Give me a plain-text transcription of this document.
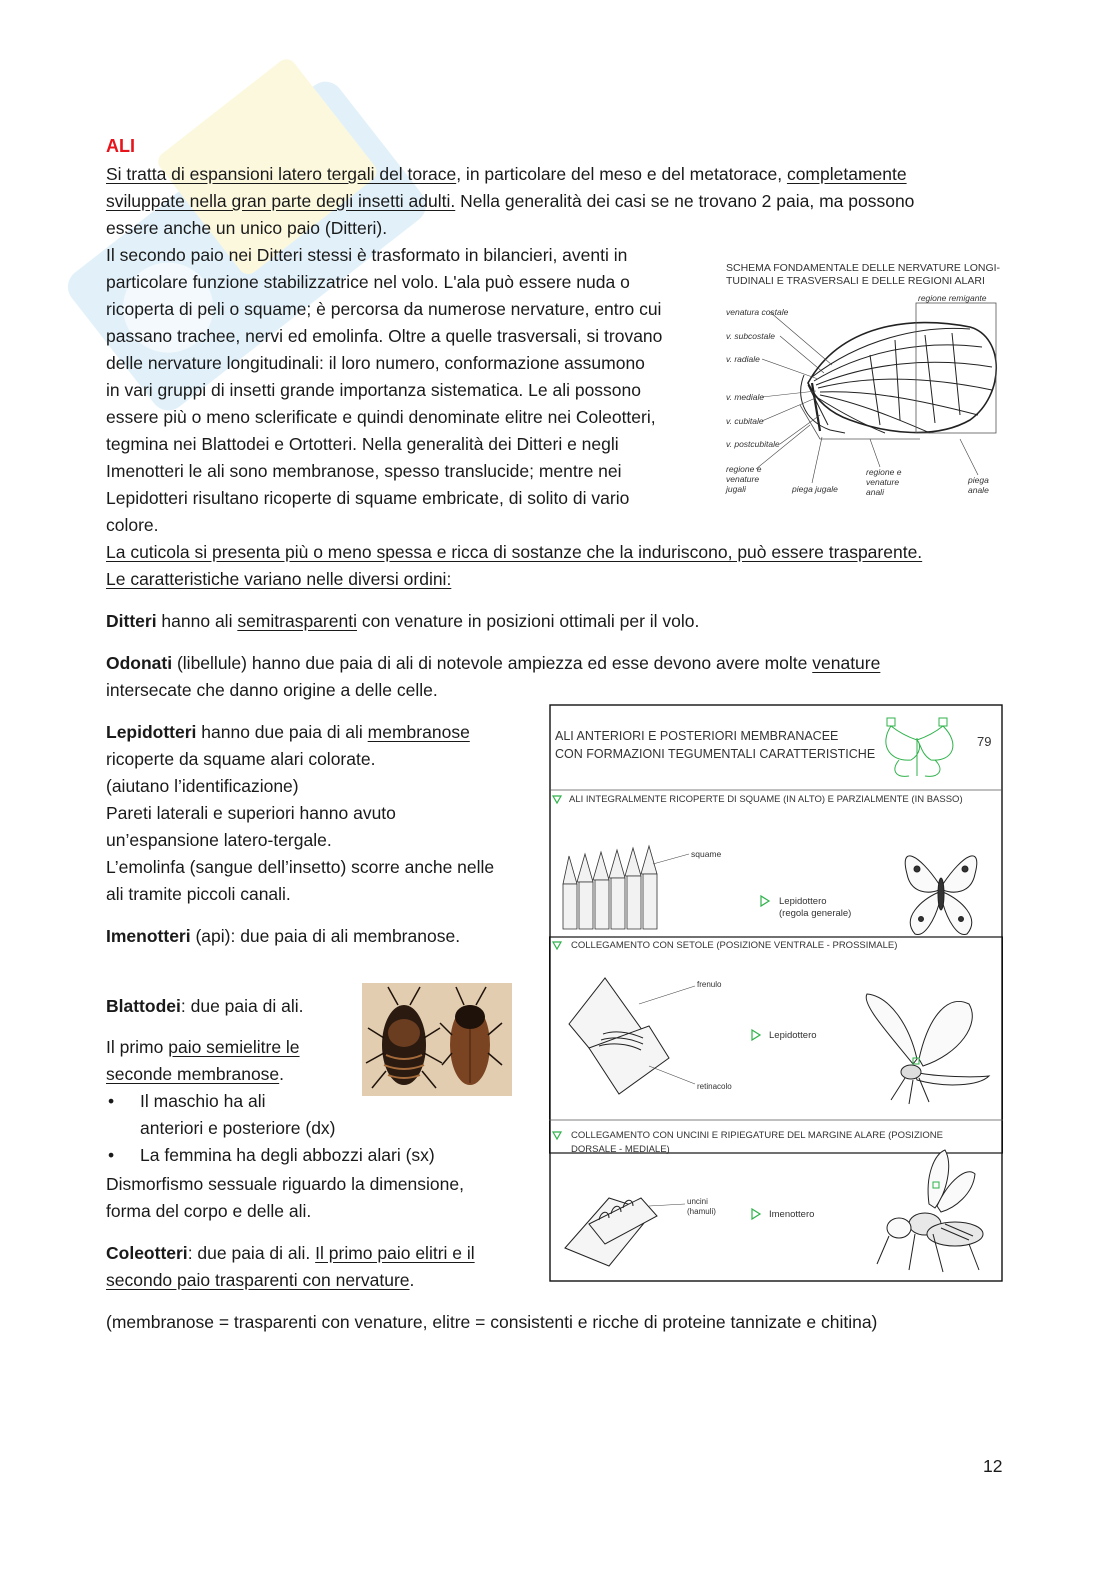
ALI
Si tratta di espansioni latero tergali del torace, in particolare del meso e del metatorace, completamente
sviluppate nella gran parte degli insetti adulti. Nella generalità dei casi se ne trovano 2 paia, ma possono
essere anche un unico paio (Ditteri).
Il secondo paio nei Ditteri stessi è trasformato in bilancieri, aventi in
particolare funzione stabilizzatrice nel volo. L'ala può essere nuda o
ricoperta di peli o squame; è percorsa da numerose nervature, entro cui
passano trachee, nervi ed emolinfa. Oltre a quelle trasversali, si trovano
delle nervature longitudinali: il loro numero, conformazione assumono
in vari gruppi di insetti grande importanza sistematica. Le ali possono
essere più o meno sclerificate e quindi denominate elitre nei Coleotteri,
tegmina nei Blattodei e Ortotteri. Nella generalità dei Ditteri e negli
Imenotteri le ali sono membranose, spesso translucide; mentre nei
Lepidotteri risultano ricoperte di squame embricate, di solito di vario
colore.
La cuticola si presenta più o meno spessa e ricca di sostanze che la induriscono, può essere trasparente.
Le caratteristiche variano nelle diversi ordini:
SCHEMA FONDAMENTALE DELLE NERVATURE LONGI-
TUDINALI E TRASVERSALI E DELLE REGIONI ALARI
regione remigante
venatura costale
v. subcostale
v. radiale
v. mediale
v. cubitale
v. postcubitale
regione e
venature
jugali	piega jugale
regione e
venature
anali
piega
anale
Ditteri hanno ali semitrasparenti con venature in posizioni ottimali per il volo.
Odonati (libellule) hanno due paia di ali di notevole ampiezza ed esse devono avere molte venature
intersecate che danno origine a delle celle.
Lepidotteri hanno due paia di ali membranose
ricoperte da squame alari colorate.
(aiutano l’identificazione)
Pareti laterali e superiori hanno avuto
un’espansione latero-tergale.
L’emolinfa (sangue dell’insetto) scorre anche nelle
ali tramite piccoli canali.
Imenotteri (api): due paia di ali membranose.
Blattodei: due paia di ali.
Il primo paio semielitre le
seconde membranose.
• Il maschio ha ali
anteriori e posteriore (dx)
• La femmina ha degli abbozzi alari (sx)
Dismorfismo sessuale riguardo la dimensione,
forma del corpo e delle ali.
Coleotteri: due paia di ali. Il primo paio elitri e il
secondo paio trasparenti con nervature.
(membranose = trasparenti con venature, elitre = consistenti e ricche di proteine tannizate e chitina)
ALI ANTERIORI E POSTERIORI MEMBRANACEE
CON FORMAZIONI TEGUMENTALI CARATTERISTICHE
79
ALI INTEGRALMENTE RICOPERTE DI SQUAME (IN ALTO) E PARZIALMENTE (IN BASSO)
squame
Lepidottero
(regola generale)
COLLEGAMENTO CON SETOLE (POSIZIONE VENTRALE - PROSSIMALE)
frenulo
retinacolo
Lepidottero
COLLEGAMENTO CON UNCINI E RIPIEGATURE DEL MARGINE ALARE (POSIZIONE
DORSALE - MEDIALE)
uncini
(hamuli)	Imenottero
12
